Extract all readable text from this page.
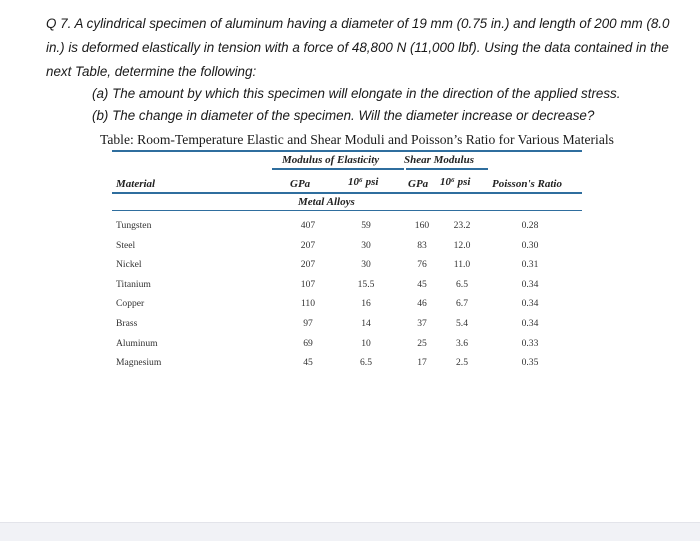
Q 7. A cylindrical specimen of aluminum having a diameter of 19 mm (0.75 in.) and length of 200 mm (8.0
in.) is deformed elastically in tension with a force of 48,800 N (11,000 lbf). Using the data contained in the
next Table, determine the following:
(a) The amount by which this specimen will elongate in the direction of the applied stress.
(b) The change in diameter of the specimen. Will the diameter increase or decrease?
Table: Room-Temperature Elastic and Shear Moduli and Poisson’s Ratio for Various Materials
Modulus of Elasticity Shear Modulus
Material	GPa	10⁶ psi	GPa 10⁶ psi Poisson's Ratio
Metal Alloys
Tungsten	407	59	160	23.2	0.28
Steel	207	30	83	12.0	0.30
Nickel	207	30	76	11.0	0.31
Titanium	107	15.5	45	6.5	0.34
Copper	110	16	46	6.7	0.34
Brass	97	14	37	5.4	0.34
Aluminum	69	10	25	3.6	0.33
Magnesium	45	6.5	17	2.5	0.35
